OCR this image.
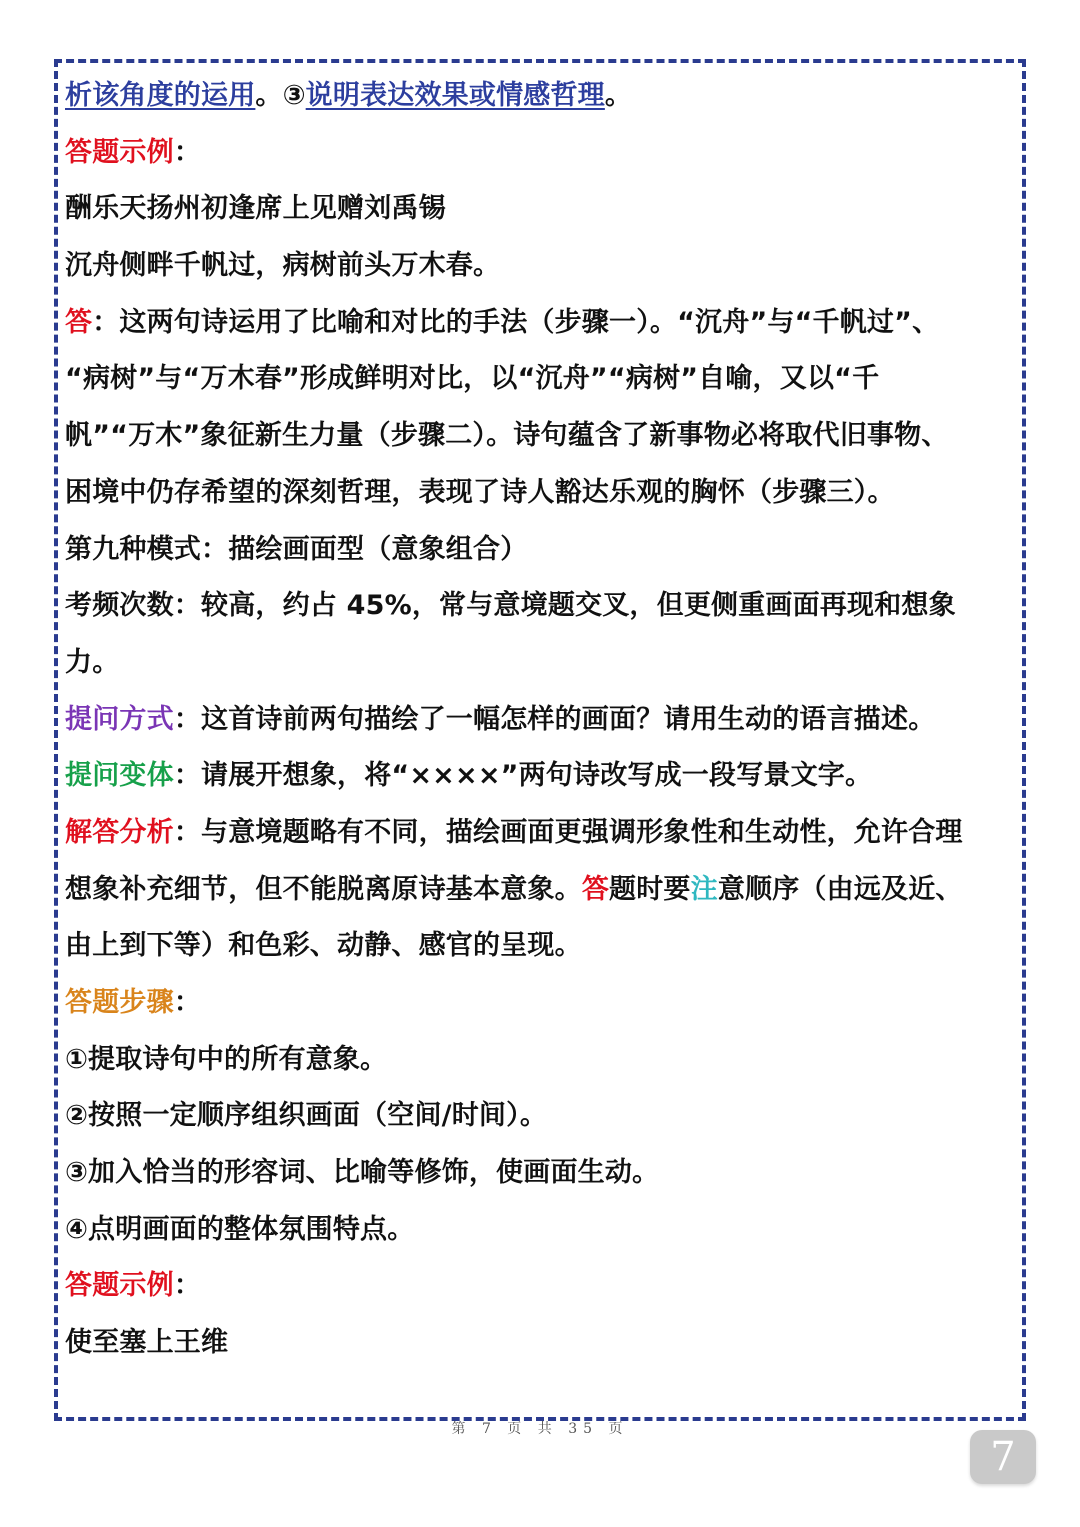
析该角度的运用。③说明表达效果或情感哲理。
答题示例：
酬乐天扬州初逢席上见赠刘禹锡
沉舟侧畔千帆过，病树前头万木春。
答：这两句诗运用了比喻和对比的手法（步骤一）。“沉舟”与“千帆过”、
“病树”与“万木春”形成鲜明对比，以“沉舟”“病树”自喻，又以“千
帆”“万木”象征新生力量（步骤二）。诗句蕴含了新事物必将取代旧事物、
困境中仍存希望的深刻哲理，表现了诗人豁达乐观的胸怀（步骤三）。
第九种模式：描绘画面型（意象组合）
考频次数：较高，约占 45%，常与意境题交叉，但更侧重画面再现和想象
力。
提问方式：这首诗前两句描绘了一幅怎样的画面？请用生动的语言描述。
提问变体：请展开想象，将“××××”两句诗改写成一段写景文字。
解答分析：与意境题略有不同，描绘画面更强调形象性和生动性，允许合理
想象补充细节，但不能脱离原诗基本意象。答题时要注意顺序（由远及近、
由上到下等）和色彩、动静、感官的呈现。
答题步骤：
①提取诗句中的所有意象。
②按照一定顺序组织画面（空间/时间）。
③加入恰当的形容词、比喻等修饰，使画面生动。
④点明画面的整体氛围特点。
答题示例：
使至塞上王维
第 7 页 共 35 页
7
